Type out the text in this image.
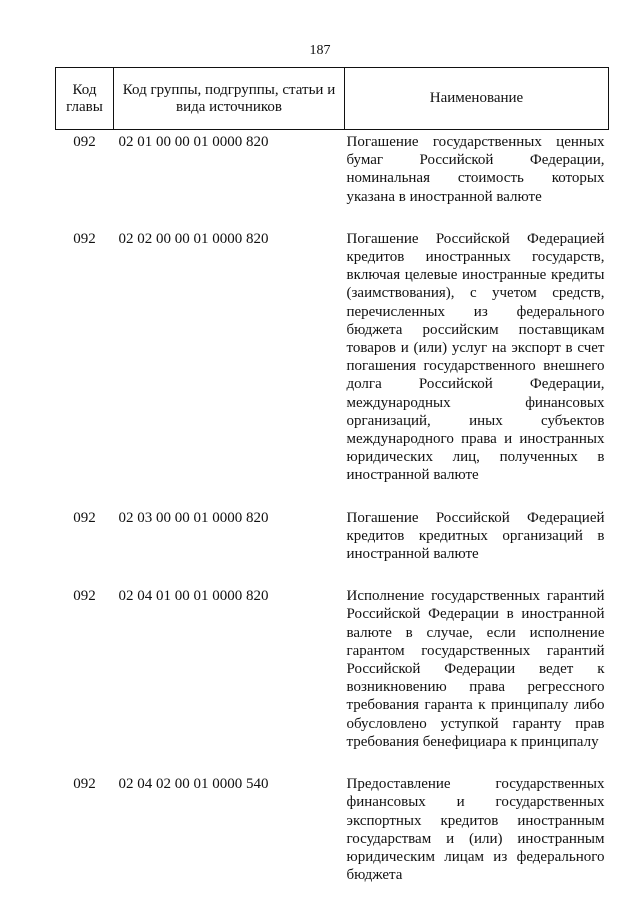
187
Код главы	Код группы, подгруппы, статьи и вида источников	Наименование
092	02 01 00 00 01 0000 820	Погашение государственных ценных бумаг Российской Федерации, номинальная стоимость которых указана в иностранной валюте
092	02 02 00 00 01 0000 820	Погашение Российской Федерацией кредитов иностранных государств, включая целевые иностранные кредиты (заимствования), с учетом средств, перечисленных из федерального бюджета российским поставщикам товаров и (или) услуг на экспорт в счет погашения государственного внешнего долга Российской Федерации, международных финансовых организаций, иных субъектов международного права и иностранных юридических лиц, полученных в иностранной валюте
092	02 03 00 00 01 0000 820	Погашение Российской Федерацией кредитов кредитных организаций в иностранной валюте
092	02 04 01 00 01 0000 820	Исполнение государственных гарантий Российской Федерации в иностранной валюте в случае, если исполнение гарантом государственных гарантий Российской Федерации ведет к возникновению права регрессного требования гаранта к принципалу либо обусловлено уступкой гаранту прав требования бенефициара к принципалу
092	02 04 02 00 01 0000 540	Предоставление государственных финансовых и государственных экспортных кредитов иностранным государствам и (или) иностранным юридическим лицам из федерального бюджета
